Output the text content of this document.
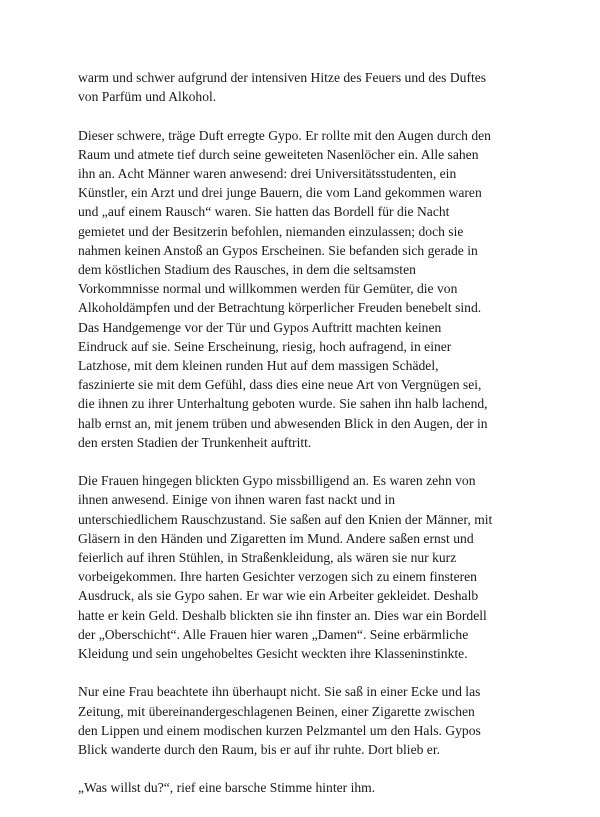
warm und schwer aufgrund der intensiven Hitze des Feuers und des Duftes
von Parfüm und Alkohol.

Dieser schwere, träge Duft erregte Gypo. Er rollte mit den Augen durch den
Raum und atmete tief durch seine geweiteten Nasenlöcher ein. Alle sahen
ihn an. Acht Männer waren anwesend: drei Universitätsstudenten, ein
Künstler, ein Arzt und drei junge Bauern, die vom Land gekommen waren
und „auf einem Rausch“ waren. Sie hatten das Bordell für die Nacht
gemietet und der Besitzerin befohlen, niemanden einzulassen; doch sie
nahmen keinen Anstoß an Gypos Erscheinen. Sie befanden sich gerade in
dem köstlichen Stadium des Rausches, in dem die seltsamsten
Vorkommnisse normal und willkommen werden für Gemüter, die von
Alkoholdämpfen und der Betrachtung körperlicher Freuden benebelt sind.
Das Handgemenge vor der Tür und Gypos Auftritt machten keinen
Eindruck auf sie. Seine Erscheinung, riesig, hoch aufragend, in einer
Latzhose, mit dem kleinen runden Hut auf dem massigen Schädel,
faszinierte sie mit dem Gefühl, dass dies eine neue Art von Vergnügen sei,
die ihnen zu ihrer Unterhaltung geboten wurde. Sie sahen ihn halb lachend,
halb ernst an, mit jenem trüben und abwesenden Blick in den Augen, der in
den ersten Stadien der Trunkenheit auftritt.

Die Frauen hingegen blickten Gypo missbilligend an. Es waren zehn von
ihnen anwesend. Einige von ihnen waren fast nackt und in
unterschiedlichem Rauschzustand. Sie saßen auf den Knien der Männer, mit
Gläsern in den Händen und Zigaretten im Mund. Andere saßen ernst und
feierlich auf ihren Stühlen, in Straßenkleidung, als wären sie nur kurz
vorbeigekommen. Ihre harten Gesichter verzogen sich zu einem finsteren
Ausdruck, als sie Gypo sahen. Er war wie ein Arbeiter gekleidet. Deshalb
hatte er kein Geld. Deshalb blickten sie ihn finster an. Dies war ein Bordell
der „Oberschicht“. Alle Frauen hier waren „Damen“. Seine erbärmliche
Kleidung und sein ungehobeltes Gesicht weckten ihre Klasseninstinkte.

Nur eine Frau beachtete ihn überhaupt nicht. Sie saß in einer Ecke und las
Zeitung, mit übereinandergeschlagenen Beinen, einer Zigarette zwischen
den Lippen und einem modischen kurzen Pelzmantel um den Hals. Gypos
Blick wanderte durch den Raum, bis er auf ihr ruhte. Dort blieb er.

„Was willst du?“, rief eine barsche Stimme hinter ihm.
